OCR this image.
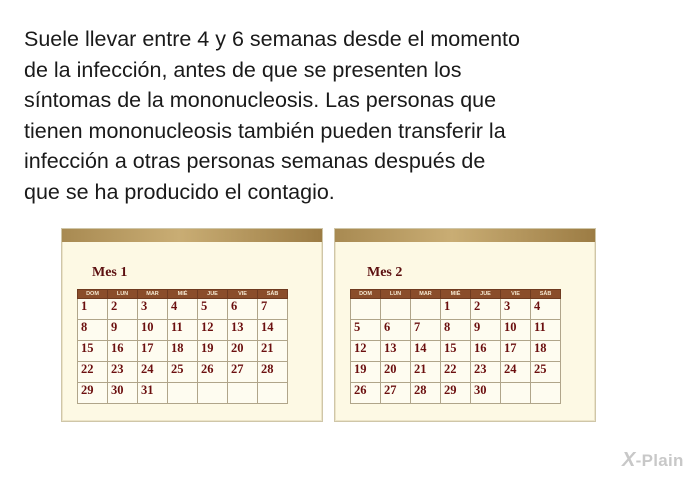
Suele llevar entre 4 y 6 semanas desde el momento
de la infección, antes de que se presenten los
síntomas de la mononucleosis. Las personas que
tienen mononucleosis también pueden transferir la
infección a otras personas semanas después de
que se ha producido el contagio.
Mes 1
DOM	LUN	MAR	MIÉ	JUE	VIE	SÁB
1	2	3	4	5	6	7
8	9	10	11	12	13	14
15	16	17	18	19	20	21
22	23	24	25	26	27	28
29	30	31				
Mes 2
DOM	LUN	MAR	MIÉ	JUE	VIE	SÁB
			1	2	3	4
5	6	7	8	9	10	11
12	13	14	15	16	17	18
19	20	21	22	23	24	25
26	27	28	29	30		
X-Plain
